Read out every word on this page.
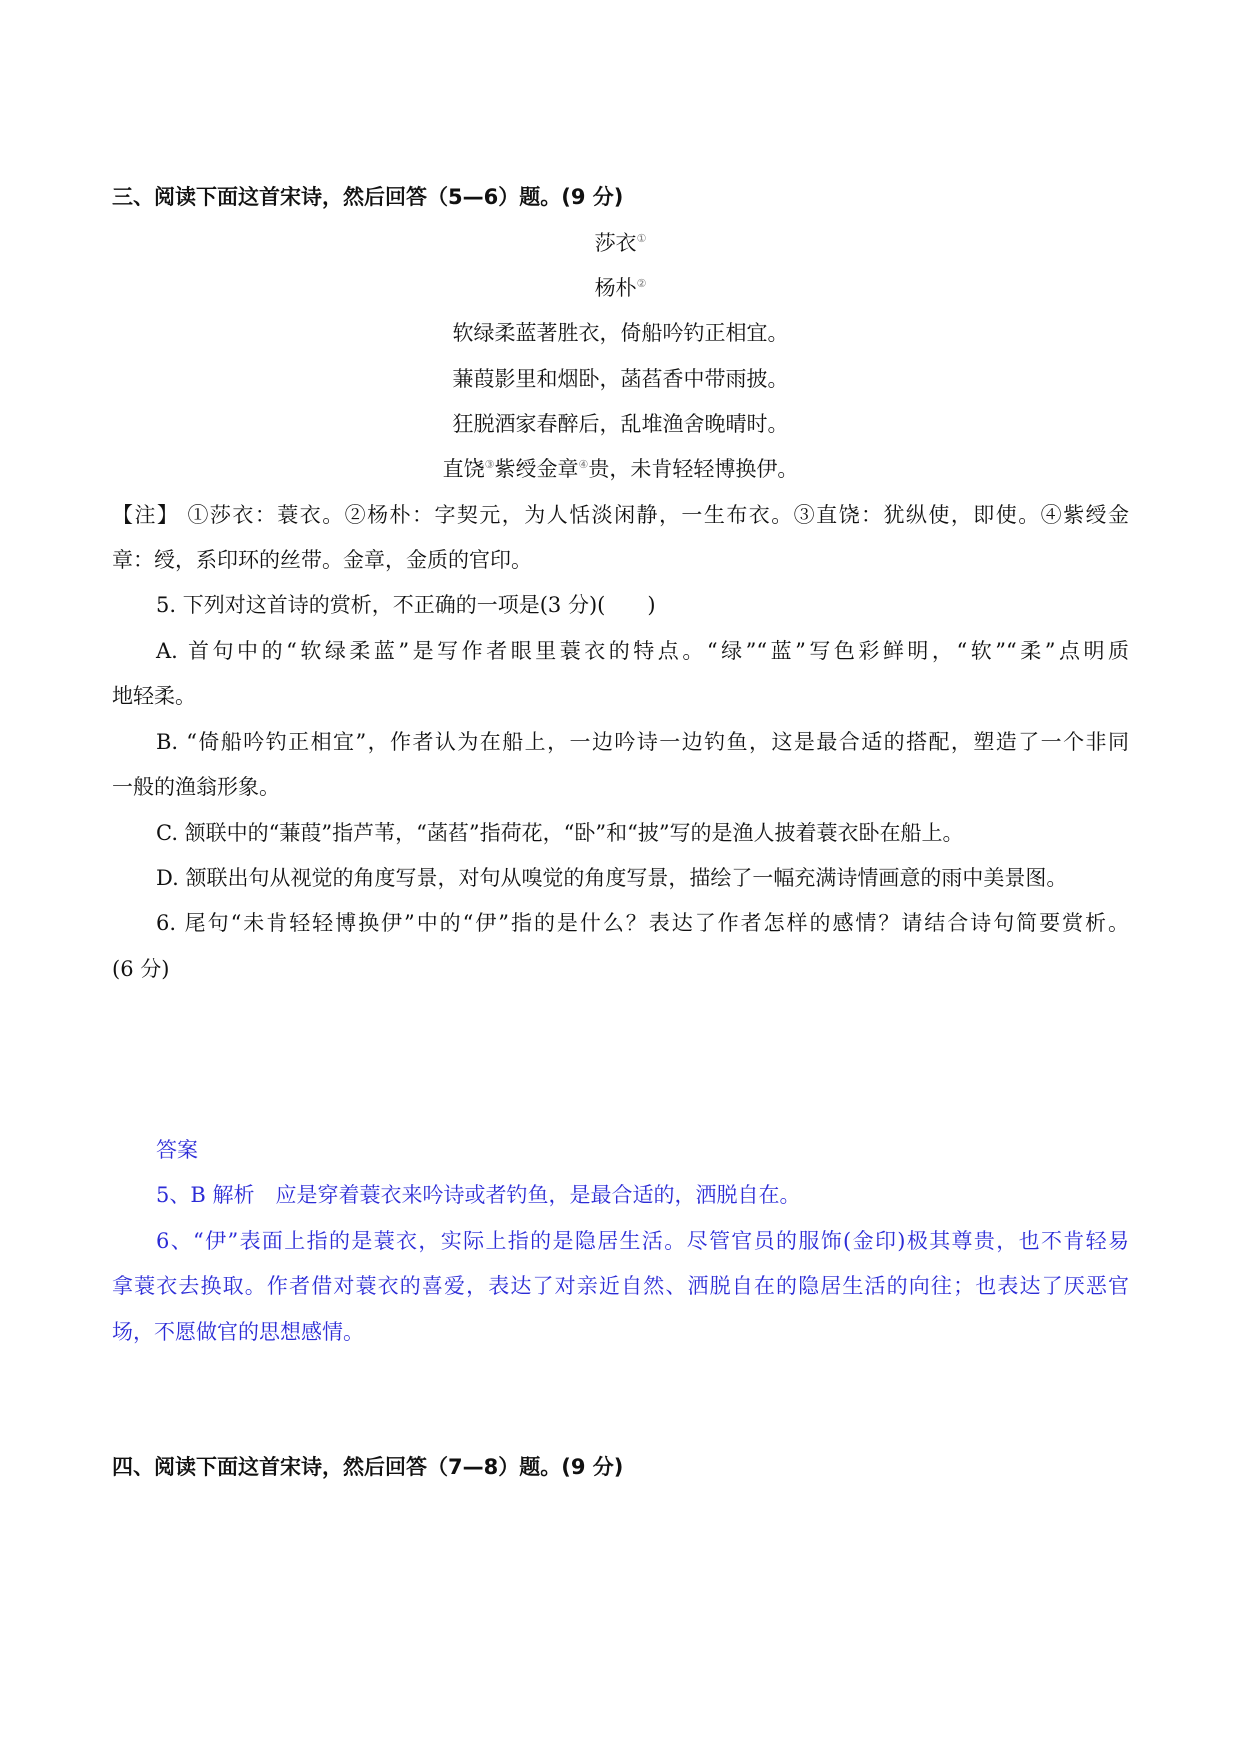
三、阅读下面这首宋诗，然后回答（5—6）题。(9 分)
莎衣①
杨朴②
软绿柔蓝著胜衣，倚船吟钓正相宜。
蒹葭影里和烟卧，菡萏香中带雨披。
狂脱酒家春醉后，乱堆渔舍晚晴时。
直饶③紫绶金章④贵，未肯轻轻博换伊。
【注】 ①莎衣：蓑衣。②杨朴：字契元，为人恬淡闲静，一生布衣。③直饶：犹纵使，即使。④紫绶金
章：绶，系印环的丝带。金章，金质的官印。
5. 下列对这首诗的赏析，不正确的一项是(3 分)(　　)
A. 首句中的“软绿柔蓝”是写作者眼里蓑衣的特点。“绿”“蓝”写色彩鲜明，“软”“柔”点明质
地轻柔。
B. “倚船吟钓正相宜”，作者认为在船上，一边吟诗一边钓鱼，这是最合适的搭配，塑造了一个非同
一般的渔翁形象。
C. 颔联中的“蒹葭”指芦苇，“菡萏”指荷花，“卧”和“披”写的是渔人披着蓑衣卧在船上。
D. 颔联出句从视觉的角度写景，对句从嗅觉的角度写景，描绘了一幅充满诗情画意的雨中美景图。
6. 尾句“未肯轻轻博换伊”中的“伊”指的是什么？表达了作者怎样的感情？请结合诗句简要赏析。
(6 分)
答案
5、B 解析　应是穿着蓑衣来吟诗或者钓鱼，是最合适的，洒脱自在。
6、“伊”表面上指的是蓑衣，实际上指的是隐居生活。尽管官员的服饰(金印)极其尊贵，也不肯轻易
拿蓑衣去换取。作者借对蓑衣的喜爱，表达了对亲近自然、洒脱自在的隐居生活的向往；也表达了厌恶官
场，不愿做官的思想感情。
四、阅读下面这首宋诗，然后回答（7—8）题。(9 分)
